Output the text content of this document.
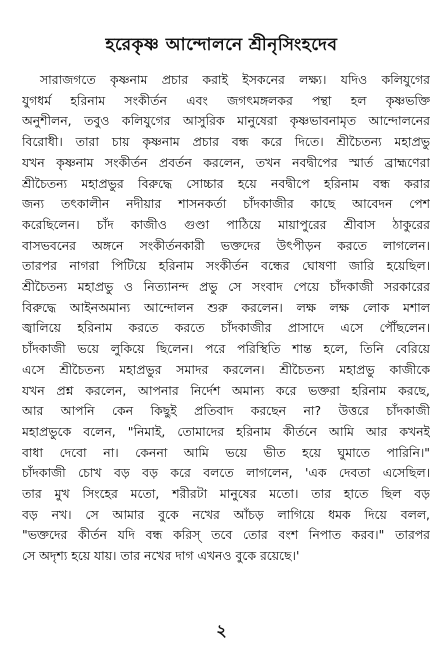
হরেকৃষ্ণ আন্দোলনে শ্রীনৃসিংহদেব
সারাজগতে কৃষ্ণনাম প্রচার করাই ইসকনের লক্ষ্য। যদিও কলিযুগের
যুগধর্ম হরিনাম সংকীর্তন এবং জগৎমঙ্গলকর পন্থা হল কৃষ্ণভক্তি
অনুশীলন, তবুও কলিযুগের আসুরিক মানুষেরা কৃষ্ণভাবনামৃত আন্দোলনের
বিরোধী। তারা চায় কৃষ্ণনাম প্রচার বন্ধ করে দিতে। শ্রীচৈতন্য মহাপ্রভু
যখন কৃষ্ণনাম সংকীর্তন প্রবর্তন করলেন, তখন নবদ্বীপের স্মার্ত ব্রাহ্মণেরা
শ্রীচৈতন্য মহাপ্রভুর বিরুদ্ধে সোচ্চার হয়ে নবদ্বীপে হরিনাম বন্ধ করার
জন্য তৎকালীন নদীয়ার শাসনকর্তা চাঁদকাজীর কাছে আবেদন পেশ
করেছিলেন। চাঁদ কাজীও গুণ্ডা পাঠিয়ে মায়াপুরের শ্রীবাস ঠাকুরের
বাসভবনের অঙ্গনে সংকীর্তনকারী ভক্তদের উৎপীড়ন করতে লাগলেন।
তারপর নাগরা পিটিয়ে হরিনাম সংকীর্তন বন্ধের ঘোষণা জারি হয়েছিল।
শ্রীচৈতন্য মহাপ্রভু ও নিত্যানন্দ প্রভু সে সংবাদ পেয়ে চাঁদকাজী সরকারের
বিরুদ্ধে আইনঅমান্য আন্দোলন শুরু করলেন। লক্ষ লক্ষ লোক মশাল
জ্বালিয়ে হরিনাম করতে করতে চাঁদকাজীর প্রাসাদে এসে পৌঁছলেন।
চাঁদকাজী ভয়ে লুকিয়ে ছিলেন। পরে পরিস্থিতি শান্ত হলে, তিনি বেরিয়ে
এসে শ্রীচৈতন্য মহাপ্রভুর সমাদর করলেন। শ্রীচৈতন্য মহাপ্রভু কাজীকে
যখন প্রশ্ন করলেন, আপনার নির্দেশ অমান্য করে ভক্তরা হরিনাম করছে,
আর আপনি কেন কিছুই প্রতিবাদ করছেন না? উত্তরে চাঁদকাজী
মহাপ্রভুকে বলেন, "নিমাই, তোমাদের হরিনাম কীর্তনে আমি আর কখনই
বাধা দেবো না। কেননা আমি ভয়ে ভীত হয়ে ঘুমাতে পারিনি।"
চাঁদকাজী চোখ বড় বড় করে বলতে লাগলেন, 'এক দেবতা এসেছিল।
তার মুখ সিংহের মতো, শরীরটা মানুষের মতো। তার হাতে ছিল বড়
বড় নখ। সে আমার বুকে নখের আঁচড় লাগিয়ে ধমক দিয়ে বলল,
"ভক্তদের কীর্তন যদি বন্ধ করিস্ তবে তোর বংশ নিপাত করব।" তারপর
সে অদৃশ্য হয়ে যায়। তার নখের দাগ এখনও বুকে রয়েছে।'
২
